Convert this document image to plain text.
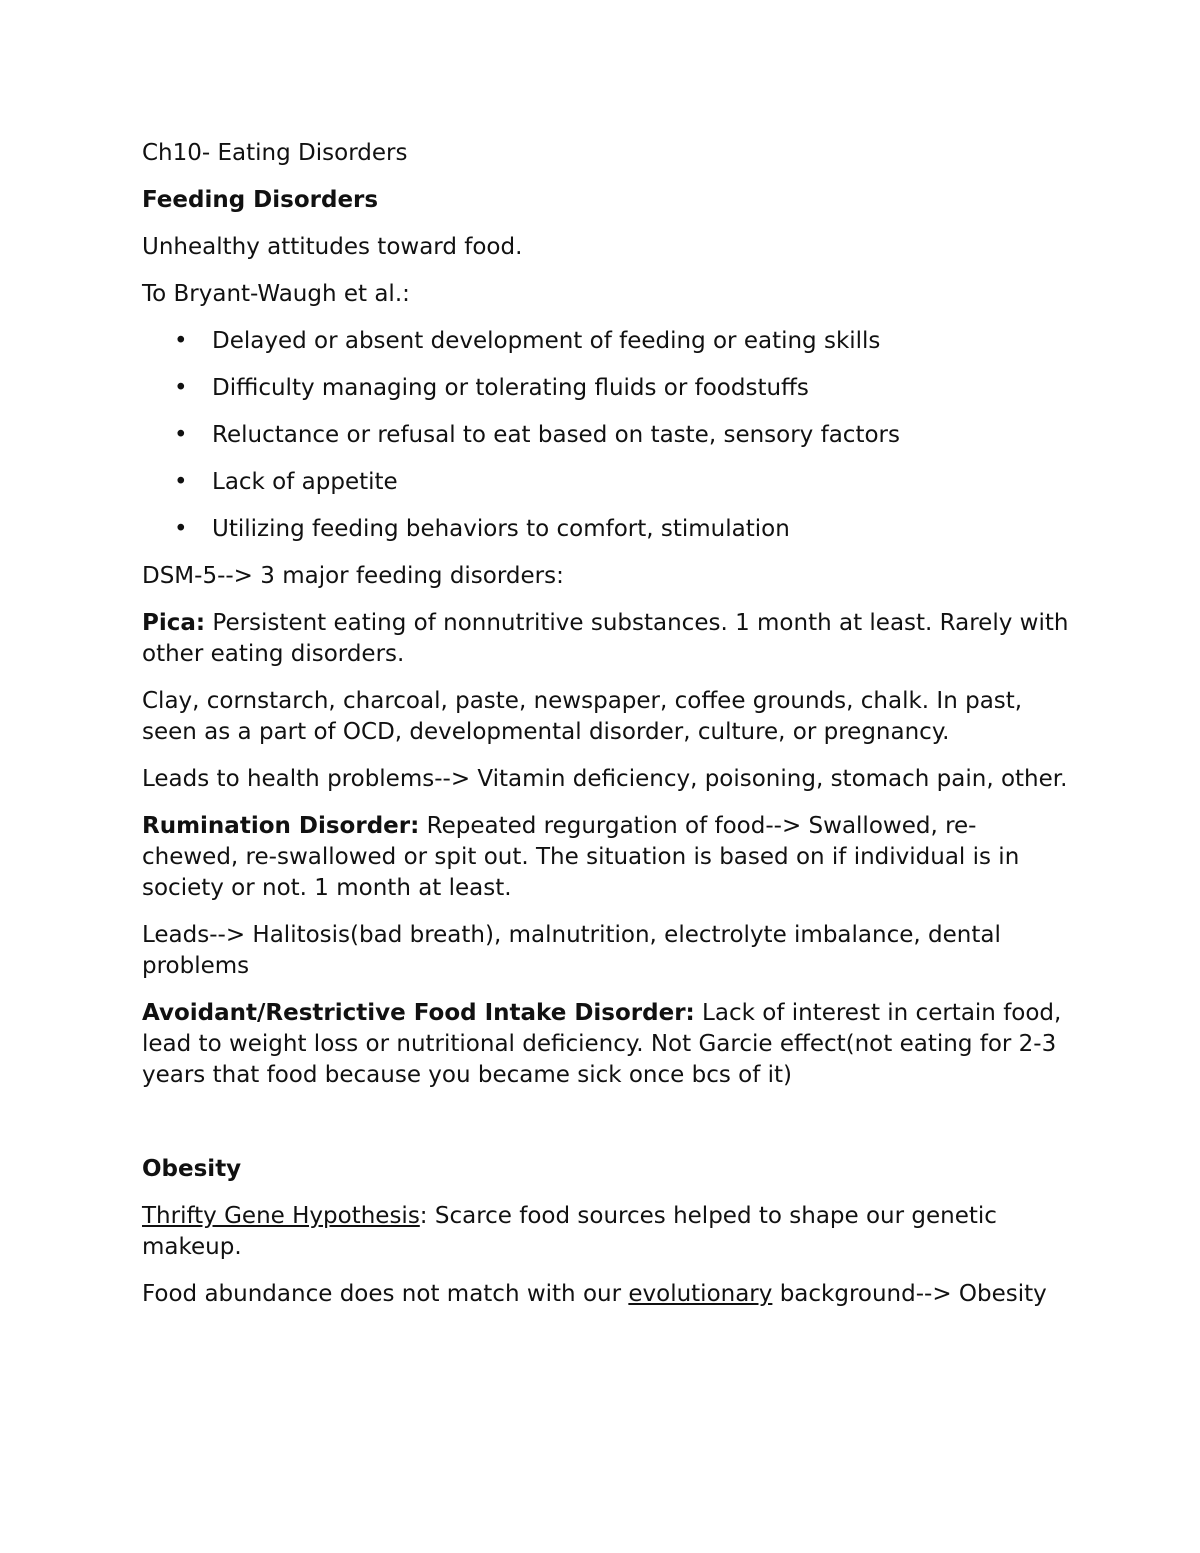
Ch10- Eating Disorders

Feeding Disorders

Unhealthy attitudes toward food.

To Bryant-Waugh et al.:

• Delayed or absent development of feeding or eating skills
• Difficulty managing or tolerating fluids or foodstuffs
• Reluctance or refusal to eat based on taste, sensory factors
• Lack of appetite
• Utilizing feeding behaviors to comfort, stimulation

DSM-5--> 3 major feeding disorders:

Pica: Persistent eating of nonnutritive substances. 1 month at least. Rarely with other eating disorders.

Clay, cornstarch, charcoal, paste, newspaper, coffee grounds, chalk. In past, seen as a part of OCD, developmental disorder, culture, or pregnancy.

Leads to health problems--> Vitamin deficiency, poisoning, stomach pain, other.

Rumination Disorder: Repeated regurgation of food--> Swallowed, re-chewed, re-swallowed or spit out. The situation is based on if individual is in society or not. 1 month at least.

Leads--> Halitosis(bad breath), malnutrition, electrolyte imbalance, dental problems

Avoidant/Restrictive Food Intake Disorder: Lack of interest in certain food, lead to weight loss or nutritional deficiency. Not Garcie effect(not eating for 2-3 years that food because you became sick once bcs of it)

Obesity

Thrifty Gene Hypothesis: Scarce food sources helped to shape our genetic makeup.

Food abundance does not match with our evolutionary background--> Obesity
